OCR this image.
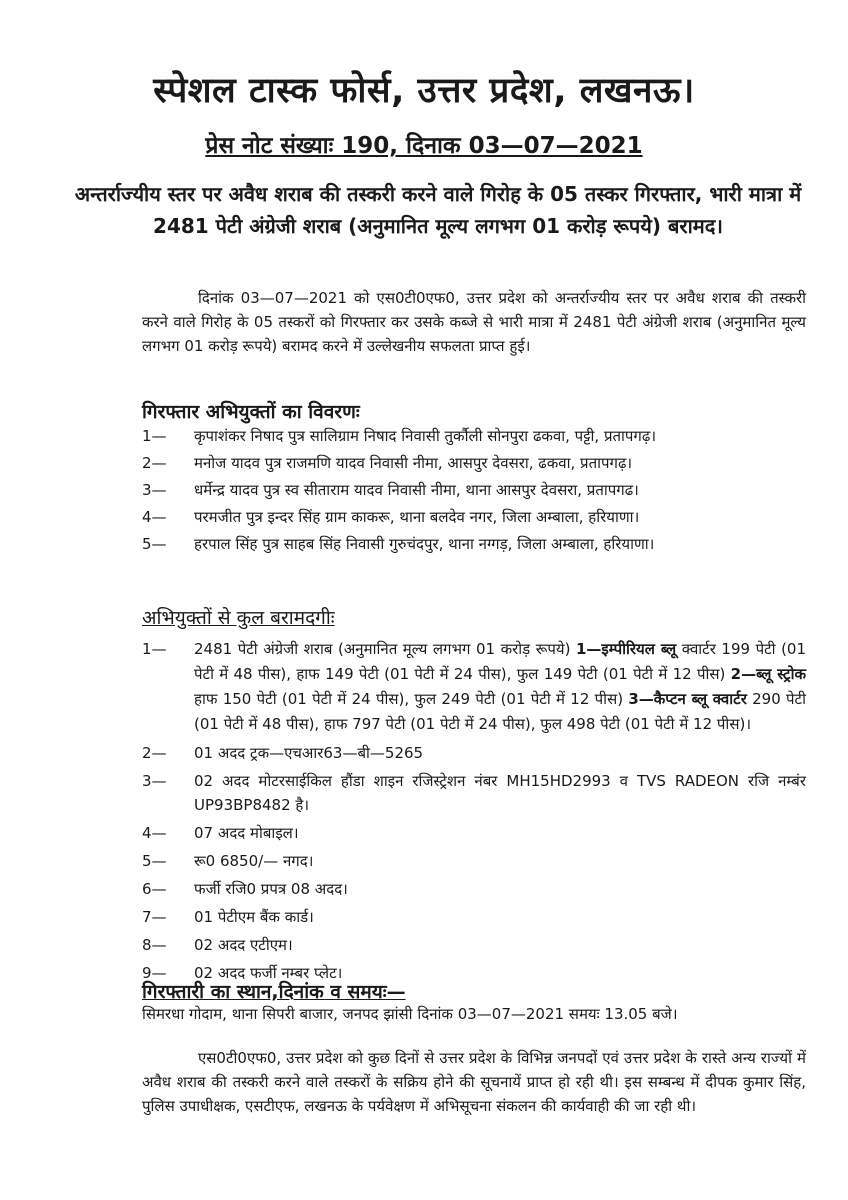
स्पेशल टास्क फोर्स, उत्तर प्रदेश, लखनऊ।
प्रेस नोट संख्याः 190, दिनाक 03—07—2021
अन्तर्राज्यीय स्तर पर अवैध शराब की तस्करी करने वाले गिरोह के 05 तस्कर गिरफ्तार, भारी मात्रा में 2481 पेटी अंग्रेजी शराब (अनुमानित मूल्य लगभग 01 करोड़ रूपये) बरामद।
दिनांक 03—07—2021 को एस0टी0एफ0, उत्तर प्रदेश को अन्तर्राज्यीय स्तर पर अवैध शराब की तस्करी करने वाले गिरोह के 05 तस्करों को गिरफ्तार कर उसके कब्जे से भारी मात्रा में 2481 पेटी अंग्रेजी शराब (अनुमानित मूल्य लगभग 01 करोड़ रूपये) बरामद करने में उल्लेखनीय सफलता प्राप्त हुई।
गिरफ्तार अभियुक्तों का विवरणः
1— कृपाशंकर निषाद पुत्र सालिग्राम निषाद निवासी तुर्कौली सोनपुरा ढकवा, पट्टी, प्रतापगढ़।
2— मनोज यादव पुत्र राजमणि यादव निवासी नीमा, आसपुर देवसरा, ढकवा, प्रतापगढ़।
3— धर्मेन्द्र यादव पुत्र स्व सीताराम यादव निवासी नीमा, थाना आसपुर देवसरा, प्रतापगढ।
4— परमजीत पुत्र इन्दर सिंह ग्राम काकरू, थाना बलदेव नगर, जिला अम्बाला, हरियाणा।
5— हरपाल सिंह पुत्र साहब सिंह निवासी गुरुचंदपुर, थाना नग्गड़, जिला अम्बाला, हरियाणा।
अभियुक्तों से कुल बरामदगीः
1— 2481 पेटी अंग्रेजी शराब (अनुमानित मूल्य लगभग 01 करोड़ रूपये) 1—इम्पीरियल ब्लू क्वार्टर 199 पेटी (01 पेटी में 48 पीस), हाफ 149 पेटी (01 पेटी में 24 पीस), फुल 149 पेटी (01 पेटी में 12 पीस) 2—ब्लू स्ट्रोक हाफ 150 पेटी (01 पेटी में 24 पीस), फुल 249 पेटी (01 पेटी में 12 पीस) 3—कैप्टन ब्लू क्वार्टर 290 पेटी (01 पेटी में 48 पीस), हाफ 797 पेटी (01 पेटी में 24 पीस), फुल 498 पेटी (01 पेटी में 12 पीस)।
2— 01 अदद ट्रक—एचआर63—बी—5265
3— 02 अदद मोटरसाईकिल हौंडा शाइन रजिस्ट्रेशन नंबर MH15HD2993 व TVS RADEON रजि नम्बंर UP93BP8482 है।
4— 07 अदद मोबाइल।
5— रू0 6850/— नगद।
6— फर्जी रजि0 प्रपत्र 08 अदद।
7— 01 पेटीएम बैंक कार्ड।
8— 02 अदद एटीएम।
9— 02 अदद फर्जी नम्बर प्लेट।
गिरफ्तारी का स्थान,दिनांक व समयः—
सिमरधा गोदाम, थाना सिपरी बाजार, जनपद झांसी दिनांक 03—07—2021 समयः 13.05 बजे।
एस0टी0एफ0, उत्तर प्रदेश को कुछ दिनों से उत्तर प्रदेश के विभिन्न जनपदों एवं उत्तर प्रदेश के रास्ते अन्य राज्यों में अवैध शराब की तस्करी करने वाले तस्करों के सक्रिय होने की सूचनायें प्राप्त हो रही थी। इस सम्बन्ध में दीपक कुमार सिंह, पुलिस उपाधीक्षक, एसटीएफ, लखनऊ के पर्यवेक्षण में अभिसूचना संकलन की कार्यवाही की जा रही थी।
